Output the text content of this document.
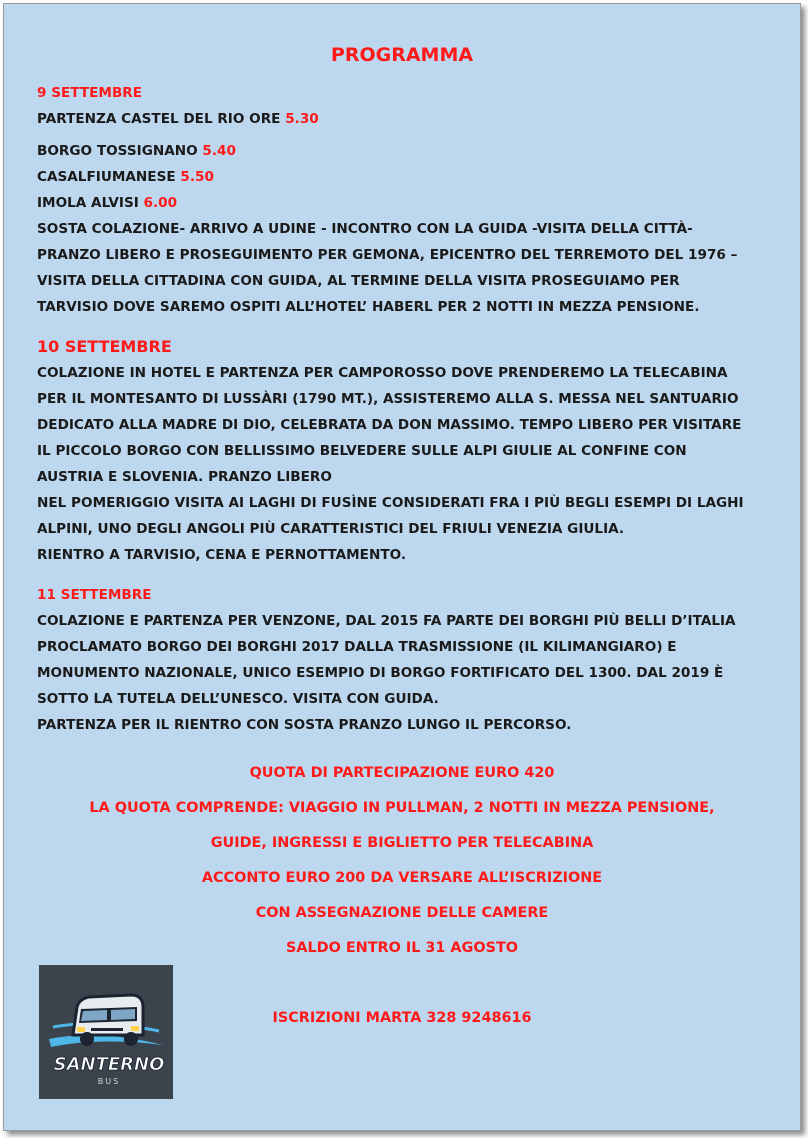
PROGRAMMA
9 SETTEMBRE
PARTENZA CASTEL DEL RIO ORE 5.30
BORGO TOSSIGNANO 5.40
CASALFIUMANESE 5.50
IMOLA ALVISI 6.00
SOSTA COLAZIONE- ARRIVO A UDINE - INCONTRO CON LA GUIDA -VISITA DELLA CITTÀ-
PRANZO LIBERO E PROSEGUIMENTO PER GEMONA, EPICENTRO DEL TERREMOTO DEL 1976 –
VISITA DELLA CITTADINA CON GUIDA, AL TERMINE DELLA VISITA PROSEGUIAMO PER
TARVISIO DOVE SAREMO OSPITI ALL’HOTEL’ HABERL PER 2 NOTTI IN MEZZA PENSIONE.
10 SETTEMBRE
COLAZIONE IN HOTEL E PARTENZA PER CAMPOROSSO DOVE PRENDEREMO LA TELECABINA
PER IL MONTESANTO DI LUSSÀRI (1790 MT.), ASSISTEREMO ALLA S. MESSA NEL SANTUARIO
DEDICATO ALLA MADRE DI DIO, CELEBRATA DA DON MASSIMO. TEMPO LIBERO PER VISITARE
IL PICCOLO BORGO CON BELLISSIMO BELVEDERE SULLE ALPI GIULIE AL CONFINE CON
AUSTRIA E SLOVENIA. PRANZO LIBERO
NEL POMERIGGIO VISITA AI LAGHI DI FUSÌNE CONSIDERATI FRA I PIÙ BEGLI ESEMPI DI LAGHI
ALPINI, UNO DEGLI ANGOLI PIÙ CARATTERISTICI DEL FRIULI VENEZIA GIULIA.
RIENTRO A TARVISIO, CENA E PERNOTTAMENTO.
11 SETTEMBRE
COLAZIONE E PARTENZA PER VENZONE, DAL 2015 FA PARTE DEI BORGHI PIÙ BELLI D’ITALIA
PROCLAMATO BORGO DEI BORGHI 2017 DALLA TRASMISSIONE (IL KILIMANGIARO) E
MONUMENTO NAZIONALE, UNICO ESEMPIO DI BORGO FORTIFICATO DEL 1300. DAL 2019 È
SOTTO LA TUTELA DELL’UNESCO. VISITA CON GUIDA.
PARTENZA PER IL RIENTRO CON SOSTA PRANZO LUNGO IL PERCORSO.
QUOTA DI PARTECIPAZIONE EURO 420
LA QUOTA COMPRENDE: VIAGGIO IN PULLMAN, 2 NOTTI IN MEZZA PENSIONE,
GUIDE, INGRESSI E BIGLIETTO PER TELECABINA
ACCONTO EURO 200 DA VERSARE ALL’ISCRIZIONE
CON ASSEGNAZIONE DELLE CAMERE
SALDO ENTRO IL 31 AGOSTO
ISCRIZIONI MARTA 328 9248616
SANTERNO
BUS
